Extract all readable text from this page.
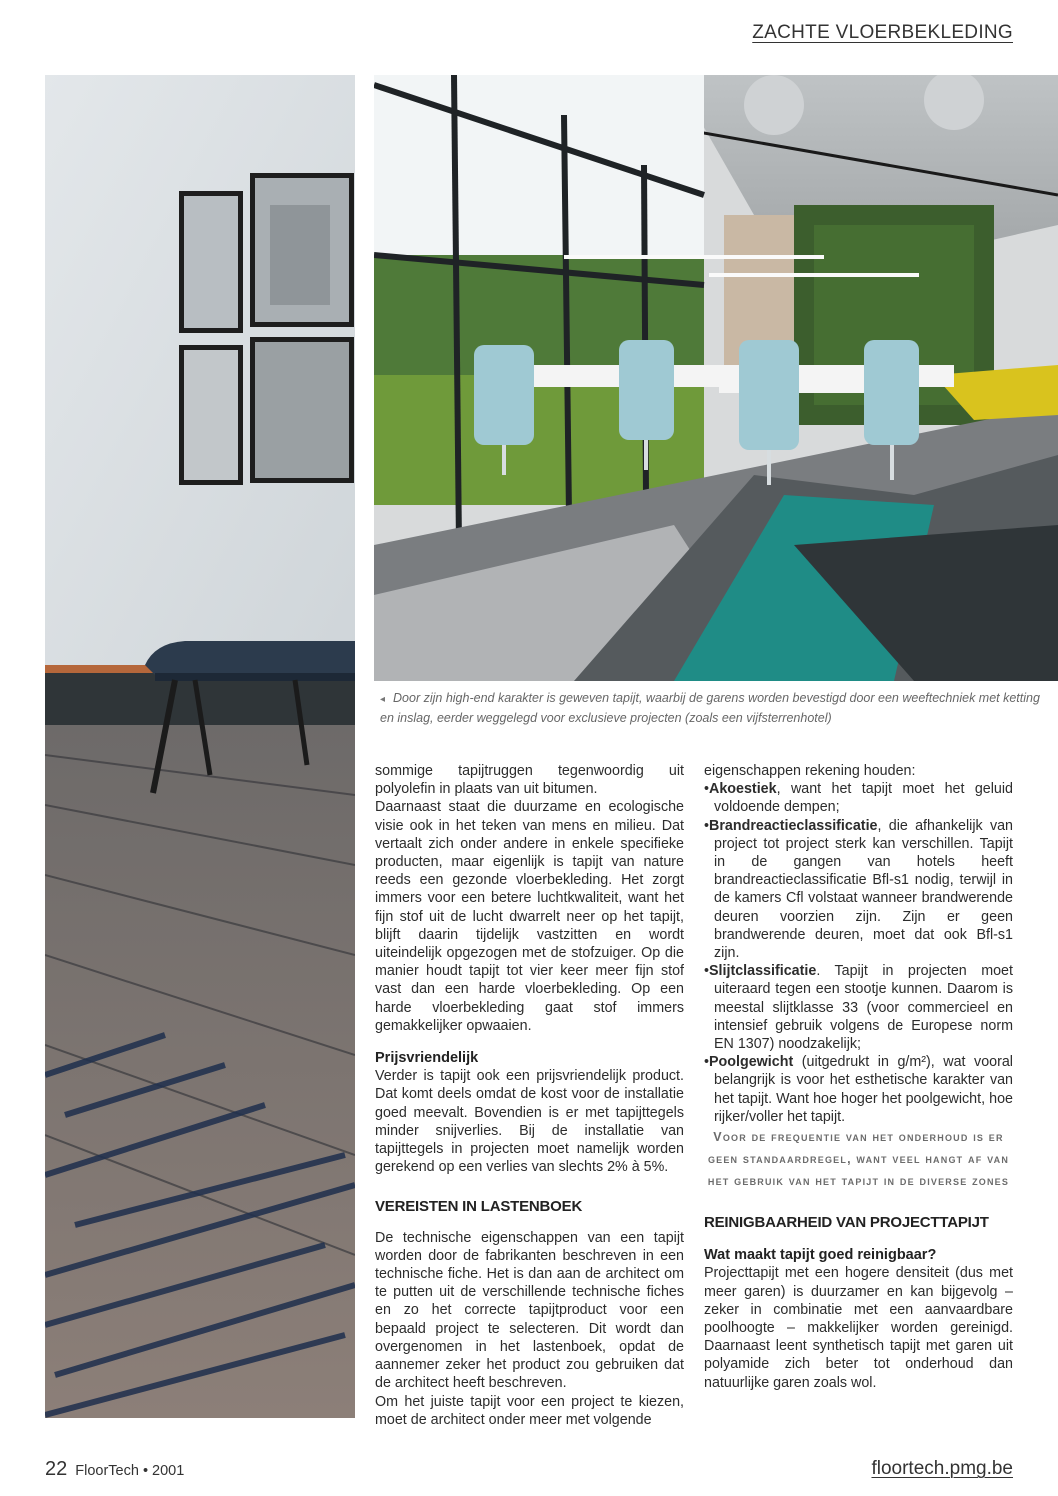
ZACHTE VLOERBEKLEDING
◂ Door zijn high-end karakter is geweven tapijt, waarbij de garens worden bevestigd door een weeftechniek met ketting en inslag, eerder weggelegd voor exclusieve projecten (zoals een vijfsterrenhotel)

sommige tapijtruggen tegenwoordig uit polyolefin in plaats van uit bitumen.

Daarnaast staat die duurzame en ecologische visie ook in het teken van mens en milieu. Dat vertaalt zich onder andere in enkele specifieke producten, maar eigenlijk is tapijt van nature reeds een gezonde vloerbekleding. Het zorgt immers voor een betere luchtkwaliteit, want het fijn stof uit de lucht dwarrelt neer op het tapijt, blijft daarin tijdelijk vastzitten en wordt uiteindelijk opgezogen met de stofzuiger. Op die manier houdt tapijt tot vier keer meer fijn stof vast dan een harde vloerbekleding. Op een harde vloerbekleding gaat stof immers gemakkelijker opwaaien.

Prijsvriendelijk

Verder is tapijt ook een prijsvriendelijk product. Dat komt deels omdat de kost voor de installatie goed meevalt. Bovendien is er met tapijttegels minder snijverlies. Bij de installatie van tapijttegels in projecten moet namelijk worden gerekend op een verlies van slechts 2% à 5%.

VEREISTEN IN LASTENBOEK

De technische eigenschappen van een tapijt worden door de fabrikanten beschreven in een technische fiche. Het is dan aan de architect om te putten uit de verschillende technische fiches en zo het correcte tapijtproduct voor een bepaald project te selecteren. Dit wordt dan overgenomen in het lastenboek, opdat de aannemer zeker het product zou gebruiken dat de architect heeft beschreven.

Om het juiste tapijt voor een project te kiezen, moet de architect onder meer met volgende

eigenschappen rekening houden:

•Akoestiek, want het tapijt moet het geluid voldoende dempen;
•Brandreactieclassificatie, die afhankelijk van project tot project sterk kan verschillen. Tapijt in de gangen van hotels heeft brandreactieclassificatie Bfl-s1 nodig, terwijl in de kamers Cfl volstaat wanneer brandwerende deuren voorzien zijn. Zijn er geen brandwerende deuren, moet dat ook Bfl-s1 zijn.
•Slijtclassificatie. Tapijt in projecten moet uiteraard tegen een stootje kunnen. Daarom is meestal slijtklasse 33 (voor commercieel en intensief gebruik volgens de Europese norm EN 1307) noodzakelijk;
•Poolgewicht (uitgedrukt in g/m²), wat vooral belangrijk is voor het esthetische karakter van het tapijt. Want hoe hoger het poolgewicht, hoe rijker/voller het tapijt.

Voor de frequentie van het onderhoud is er geen standaardregel, want veel hangt af van het gebruik van het tapijt in de diverse zones

REINIGBAARHEID VAN PROJECTTAPIJT

Wat maakt tapijt goed reinigbaar?

Projecttapijt met een hogere densiteit (dus met meer garen) is duurzamer en kan bijgevolg – zeker in combinatie met een aanvaardbare poolhoogte – makkelijker worden gereinigd. Daarnaast leent synthetisch tapijt met garen uit polyamide zich beter tot onderhoud dan natuurlijke garen zoals wol.

22 FloorTech • 2001	floortech.pmg.be
